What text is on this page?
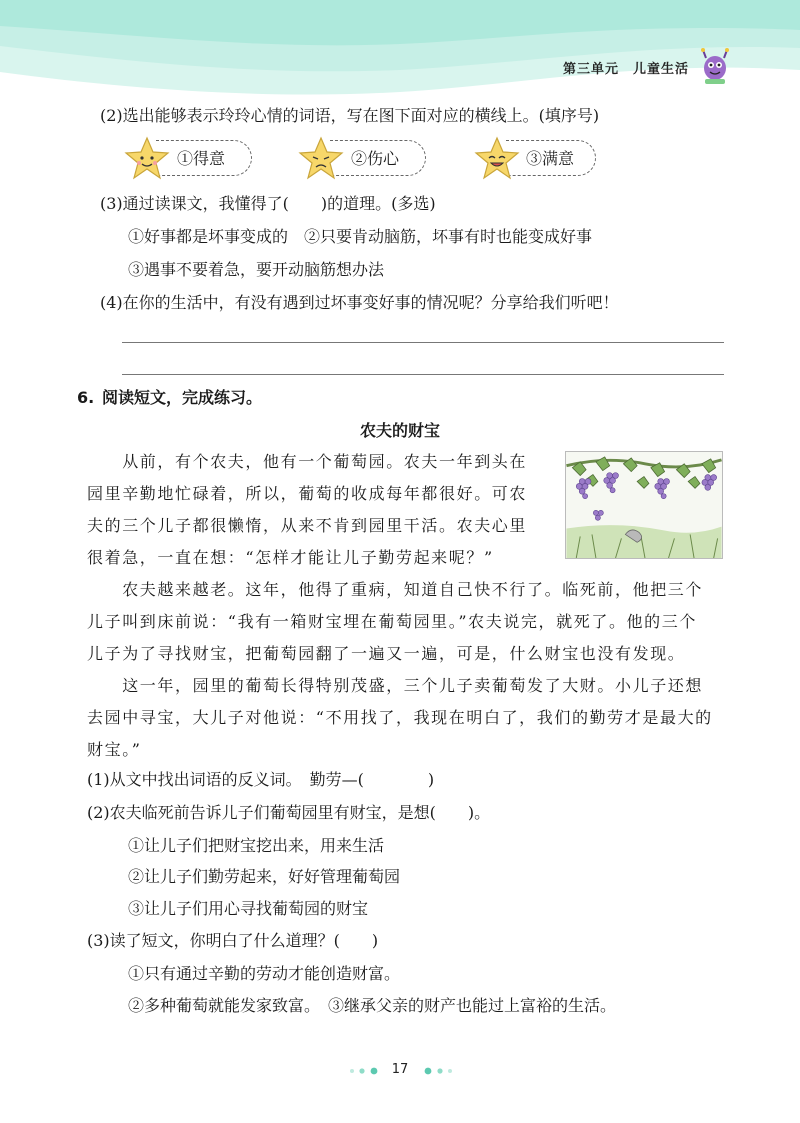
第三单元　儿童生活
(2)选出能够表示玲玲心情的词语，写在图下面对应的横线上。(填序号)
①得意	②伤心	③满意
(3)通过读课文，我懂得了(　　)的道理。(多选)
①好事都是坏事变成的　②只要肯动脑筋，坏事有时也能变成好事
③遇事不要着急，要开动脑筋想办法
(4)在你的生活中，有没有遇到过坏事变好事的情况呢？分享给我们听吧！
6. 阅读短文，完成练习。
农夫的财宝
　　从前，有个农夫，他有一个葡萄园。农夫一年到头在
园里辛勤地忙碌着，所以，葡萄的收成每年都很好。可农
夫的三个儿子都很懒惰，从来不肯到园里干活。农夫心里
很着急，一直在想：“怎样才能让儿子勤劳起来呢？”
　　农夫越来越老。这年，他得了重病，知道自己快不行了。临死前，他把三个
儿子叫到床前说：“我有一箱财宝埋在葡萄园里。”农夫说完，就死了。他的三个
儿子为了寻找财宝，把葡萄园翻了一遍又一遍，可是，什么财宝也没有发现。
　　这一年，园里的葡萄长得特别茂盛，三个儿子卖葡萄发了大财。小儿子还想
去园中寻宝，大儿子对他说：“不用找了，我现在明白了，我们的勤劳才是最大的
财宝。”
(1)从文中找出词语的反义词。　勤劳—(　　　　)
(2)农夫临死前告诉儿子们葡萄园里有财宝，是想(　　)。
①让儿子们把财宝挖出来，用来生活
②让儿子们勤劳起来，好好管理葡萄园
③让儿子们用心寻找葡萄园的财宝
(3)读了短文，你明白了什么道理？(　　)
①只有通过辛勤的劳动才能创造财富。
②多种葡萄就能发家致富。　③继承父亲的财产也能过上富裕的生活。
17
